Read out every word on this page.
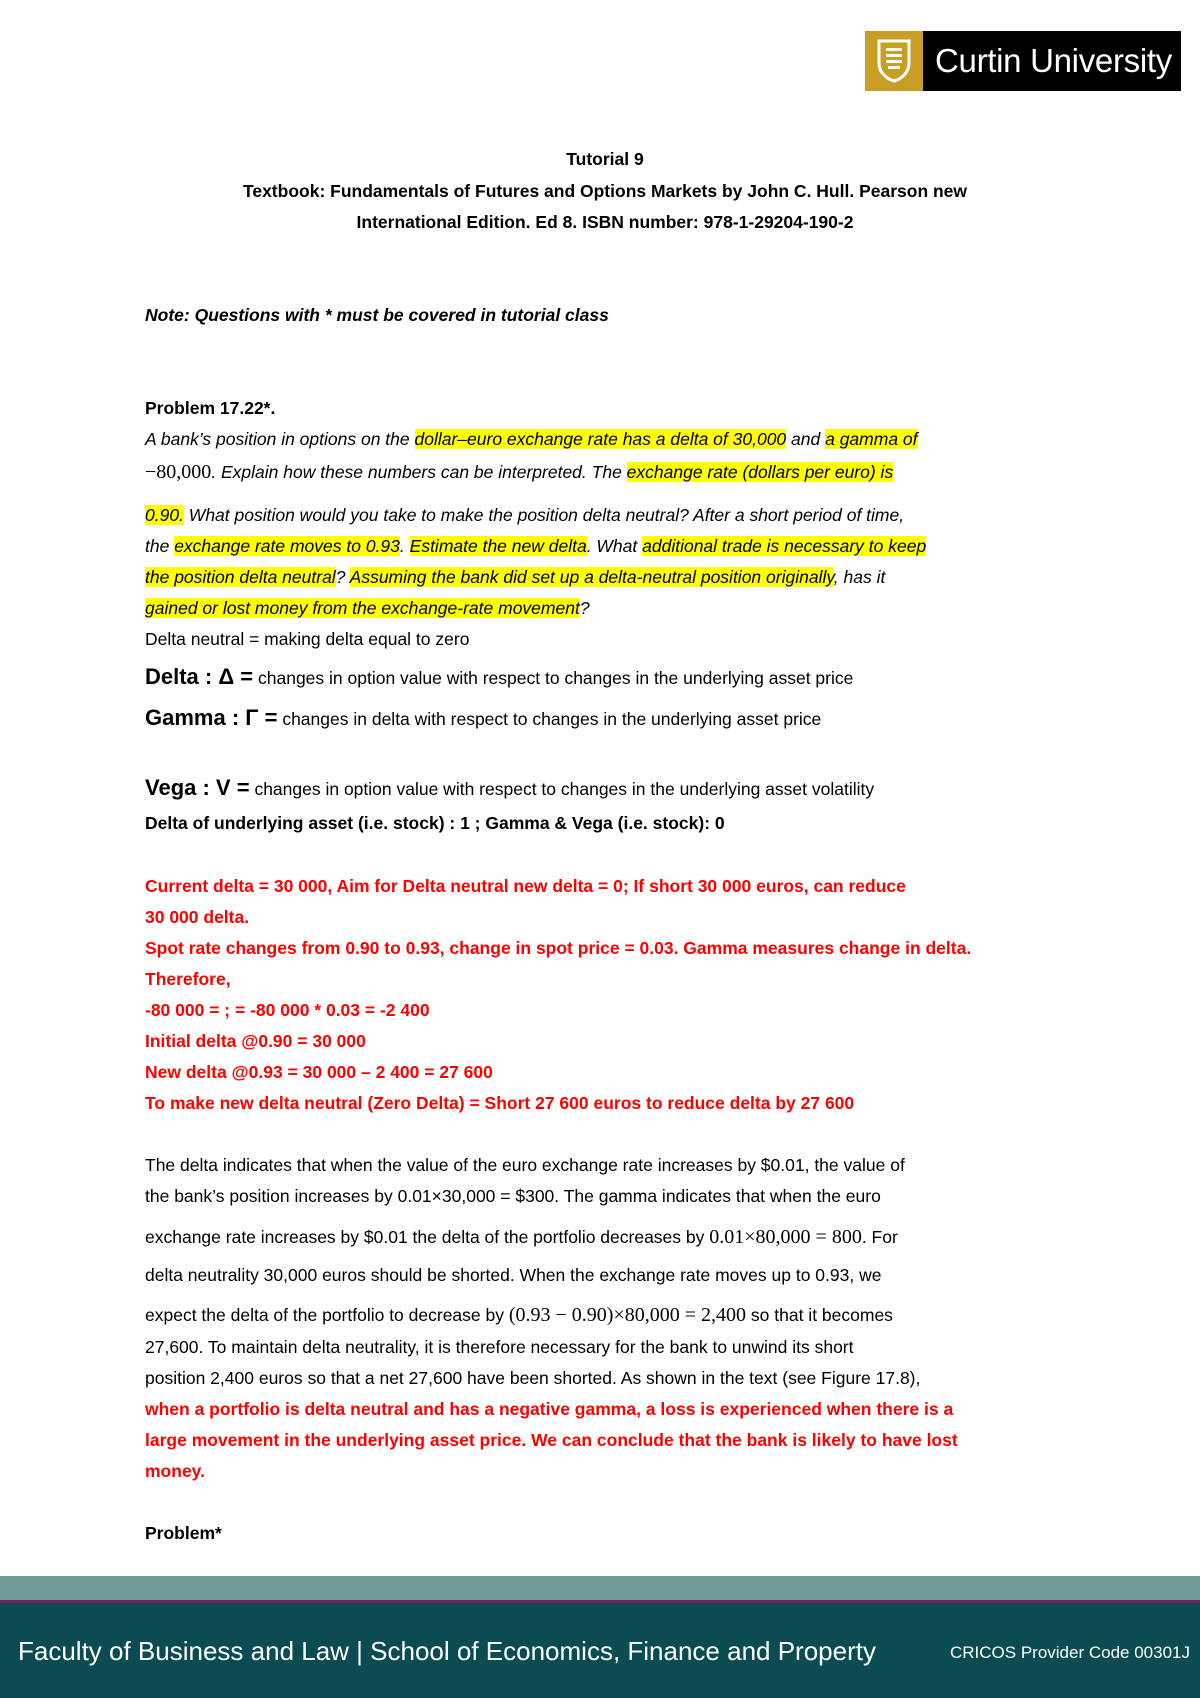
Curtin University
Tutorial 9
Textbook: Fundamentals of Futures and Options Markets by John C. Hull. Pearson new
International Edition. Ed 8. ISBN number: 978-1-29204-190-2
Note: Questions with * must be covered in tutorial class
Problem 17.22*.
A bank’s position in options on the dollar–euro exchange rate has a delta of 30,000 and a gamma of
−80,000. Explain how these numbers can be interpreted. The exchange rate (dollars per euro) is
0.90. What position would you take to make the position delta neutral? After a short period of time,
the exchange rate moves to 0.93. Estimate the new delta. What additional trade is necessary to keep
the position delta neutral? Assuming the bank did set up a delta-neutral position originally, has it
gained or lost money from the exchange-rate movement?
Delta neutral = making delta equal to zero
Delta : Δ = changes in option value with respect to changes in the underlying asset price
Gamma : Γ = changes in delta with respect to changes in the underlying asset price
Vega : V = changes in option value with respect to changes in the underlying asset volatility
Delta of underlying asset (i.e. stock) : 1 ; Gamma & Vega (i.e. stock): 0
Current delta = 30 000, Aim for Delta neutral new delta = 0; If short 30 000 euros, can reduce
30 000 delta.
Spot rate changes from 0.90 to 0.93, change in spot price = 0.03. Gamma measures change in delta.
Therefore,
-80 000 = ; = -80 000 * 0.03 = -2 400
Initial delta @0.90 = 30 000
New delta @0.93 = 30 000 – 2 400 = 27 600
To make new delta neutral (Zero Delta) = Short 27 600 euros to reduce delta by 27 600
The delta indicates that when the value of the euro exchange rate increases by $0.01, the value of
the bank’s position increases by 0.01×30,000 = $300. The gamma indicates that when the euro
exchange rate increases by $0.01 the delta of the portfolio decreases by 0.01×80,000 = 800. For
delta neutrality 30,000 euros should be shorted. When the exchange rate moves up to 0.93, we
expect the delta of the portfolio to decrease by (0.93 − 0.90)×80,000 = 2,400 so that it becomes
27,600. To maintain delta neutrality, it is therefore necessary for the bank to unwind its short
position 2,400 euros so that a net 27,600 have been shorted. As shown in the text (see Figure 17.8),
when a portfolio is delta neutral and has a negative gamma, a loss is experienced when there is a
large movement in the underlying asset price. We can conclude that the bank is likely to have lost
money.
Problem*
Faculty of Business and Law | School of Economics, Finance and Property	CRICOS Provider Code 00301J
